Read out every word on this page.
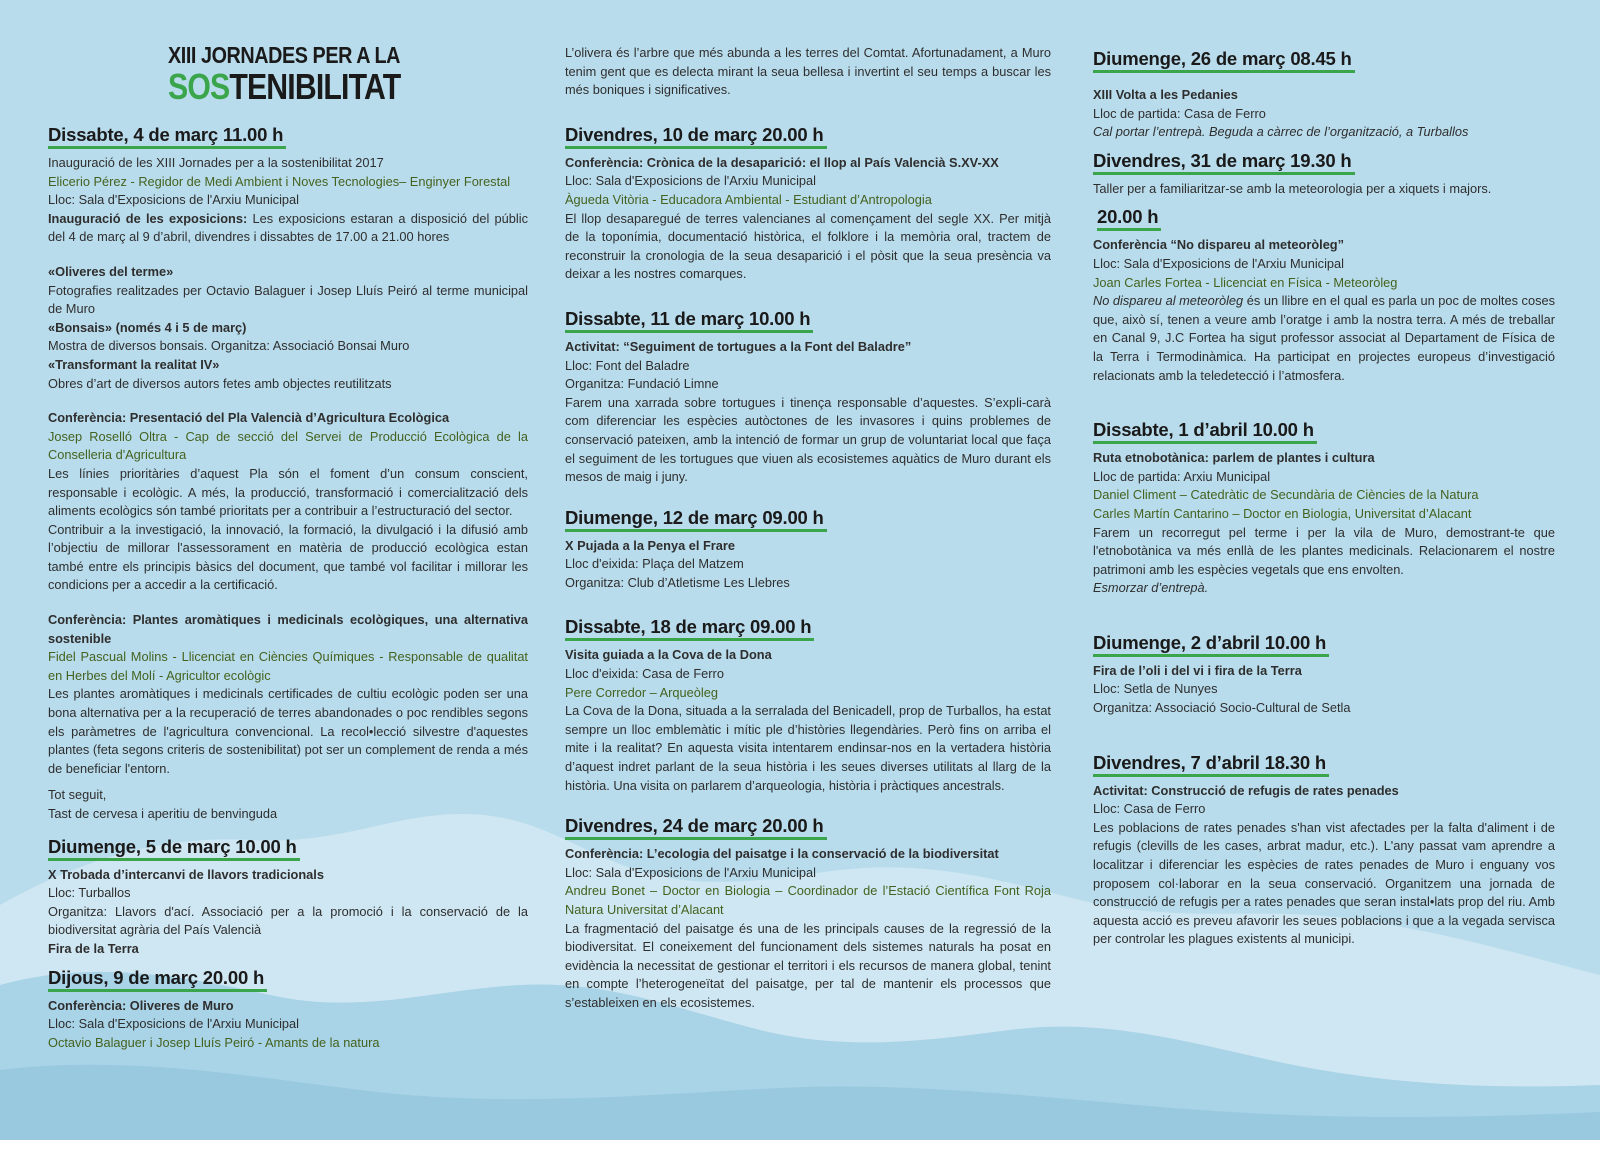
XIII JORNADES PER A LA
SOSTENIBILITAT
Dissabte, 4 de març 11.00 h

Inauguració de les XIII Jornades per a la sostenibilitat 2017

Elicerio Pérez - Regidor de Medi Ambient i Noves Tecnologies– Enginyer Forestal

Lloc: Sala d'Exposicions de l'Arxiu Municipal

Inauguració de les exposicions: Les exposicions estaran a disposició del públic del 4 de març al 9 d’abril, divendres i dissabtes de 17.00 a 21.00 hores

«Oliveres del terme»

Fotografies realitzades per Octavio Balaguer i Josep Lluís Peiró al terme municipal de Muro

«Bonsais» (només 4 i 5 de març)

Mostra de diversos bonsais. Organitza: Associació Bonsai Muro

«Transformant la realitat IV»

Obres d’art de diversos autors fetes amb objectes reutilitzats

Conferència: Presentació del Pla Valencià d’Agricultura Ecològica

Josep Roselló Oltra - Cap de secció del Servei de Producció Ecològica de la Conselleria d'Agricultura

Les línies prioritàries d’aquest Pla són el foment d’un consum conscient, responsable i ecològic. A més, la producció, transformació i comercialització dels aliments ecològics són també prioritats per a contribuir a l’estructuració del sector.

Contribuir a la investigació, la innovació, la formació, la divulgació i la difusió amb l’objectiu de millorar l'assessorament en matèria de producció ecològica estan també entre els principis bàsics del document, que també vol facilitar i millorar les condicions per a accedir a la certificació.

Conferència: Plantes aromàtiques i medicinals ecològiques, una alternativa sostenible

Fidel Pascual Molins - Llicenciat en Ciències Químiques - Responsable de qualitat en Herbes del Molí - Agricultor ecològic

Les plantes aromàtiques i medicinals certificades de cultiu ecològic poden ser una bona alternativa per a la recuperació de terres abandonades o poc rendibles segons els paràmetres de l'agricultura convencional. La recol•lecció silvestre d'aquestes plantes (feta segons criteris de sostenibilitat) pot ser un complement de renda a més de beneficiar l'entorn.

Tot seguit,

Tast de cervesa i aperitiu de benvinguda

Diumenge, 5 de març 10.00 h

X Trobada d’intercanvi de llavors tradicionals

Lloc: Turballos

Organitza: Llavors d'ací. Associació per a la promoció i la conservació de la biodiversitat agrària del País Valencià

Fira de la Terra

Dijous, 9 de març 20.00 h

Conferència: Oliveres de Muro

Lloc: Sala d'Exposicions de l'Arxiu Municipal

Octavio Balaguer i Josep Lluís Peiró - Amants de la natura

L’olivera és l’arbre que més abunda a les terres del Comtat. Afortunadament, a Muro tenim gent que es delecta mirant la seua bellesa i invertint el seu temps a buscar les més boniques i significatives.

Divendres, 10 de març 20.00 h

Conferència: Crònica de la desaparició: el llop al País Valencià S.XV-XX

Lloc: Sala d'Exposicions de l'Arxiu Municipal

Àgueda Vitòria - Educadora Ambiental - Estudiant d’Antropologia

El llop desaparegué de terres valencianes al començament del segle XX. Per mitjà de la toponímia, documentació històrica, el folklore i la memòria oral, tractem de reconstruir la cronologia de la seua desaparició i el pòsit que la seua presència va deixar a les nostres comarques.

Dissabte, 11 de març 10.00 h

Activitat: “Seguiment de tortugues a la Font del Baladre”

Lloc: Font del Baladre

Organitza: Fundació Limne

Farem una xarrada sobre tortugues i tinença responsable d’aquestes. S’expli-carà com diferenciar les espècies autòctones de les invasores i quins problemes de conservació pateixen, amb la intenció de formar un grup de voluntariat local que faça el seguiment de les tortugues que viuen als ecosistemes aquàtics de Muro durant els mesos de maig i juny.

Diumenge, 12 de març 09.00 h

X Pujada a la Penya el Frare

Lloc d'eixida: Plaça del Matzem

Organitza: Club d’Atletisme Les Llebres

Dissabte, 18 de març 09.00 h

Visita guiada a la Cova de la Dona

Lloc d'eixida: Casa de Ferro

Pere Corredor – Arqueòleg

La Cova de la Dona, situada a la serralada del Benicadell, prop de Turballos, ha estat sempre un lloc emblemàtic i mític ple d’històries llegendàries. Però fins on arriba el mite i la realitat? En aquesta visita intentarem endinsar-nos en la vertadera història d’aquest indret parlant de la seua història i les seues diverses utilitats al llarg de la història. Una visita on parlarem d’arqueologia, història i pràctiques ancestrals.

Divendres, 24 de març 20.00 h

Conferència: L’ecologia del paisatge i la conservació de la biodiversitat

Lloc: Sala d'Exposicions de l'Arxiu Municipal

Andreu Bonet – Doctor en Biologia – Coordinador de l’Estació Científica Font Roja Natura Universitat d’Alacant

La fragmentació del paisatge és una de les principals causes de la regressió de la biodiversitat. El coneixement del funcionament dels sistemes naturals ha posat en evidència la necessitat de gestionar el territori i els recursos de manera global, tenint en compte l’heterogeneïtat del paisatge, per tal de mantenir els processos que s’estableixen en els ecosistemes.

Diumenge, 26 de març 08.45 h

XIII Volta a les Pedanies

Lloc de partida: Casa de Ferro

Cal portar l’entrepà. Beguda a càrrec de l’organització, a Turballos

Divendres, 31 de març 19.30 h

Taller per a familiaritzar-se amb la meteorologia per a xiquets i majors.

20.00 h

Conferència “No dispareu al meteoròleg”

Lloc: Sala d'Exposicions de l'Arxiu Municipal

Joan Carles Fortea - Llicenciat en Física - Meteoròleg

No dispareu al meteoròleg és un llibre en el qual es parla un poc de moltes coses que, això sí, tenen a veure amb l’oratge i amb la nostra terra. A més de treballar en Canal 9, J.C Fortea ha sigut professor associat al Departament de Física de la Terra i Termodinàmica. Ha participat en projectes europeus d’investigació relacionats amb la teledetecció i l’atmosfera.

Dissabte, 1 d’abril 10.00 h

Ruta etnobotànica: parlem de plantes i cultura

Lloc de partida: Arxiu Municipal

Daniel Climent – Catedràtic de Secundària de Ciències de la Natura

Carles Martín Cantarino – Doctor en Biologia, Universitat d’Alacant

Farem un recorregut pel terme i per la vila de Muro, demostrant-te que l'etnobotànica va més enllà de les plantes medicinals. Relacionarem el nostre patrimoni amb les espècies vegetals que ens envolten.

Esmorzar d’entrepà.

Diumenge, 2 d’abril 10.00 h

Fira de l’oli i del vi i fira de la Terra

Lloc: Setla de Nunyes

Organitza: Associació Socio-Cultural de Setla

Divendres, 7 d’abril 18.30 h

Activitat: Construcció de refugis de rates penades

Lloc: Casa de Ferro

Les poblacions de rates penades s'han vist afectades per la falta d'aliment i de refugis (clevills de les cases, arbrat madur, etc.). L'any passat vam aprendre a localitzar i diferenciar les espècies de rates penades de Muro i enguany vos proposem col·laborar en la seua conservació. Organitzem una jornada de construcció de refugis per a rates penades que seran instal•lats prop del riu. Amb aquesta acció es preveu afavorir les seues poblacions i que a la vegada servisca per controlar les plagues existents al municipi.
